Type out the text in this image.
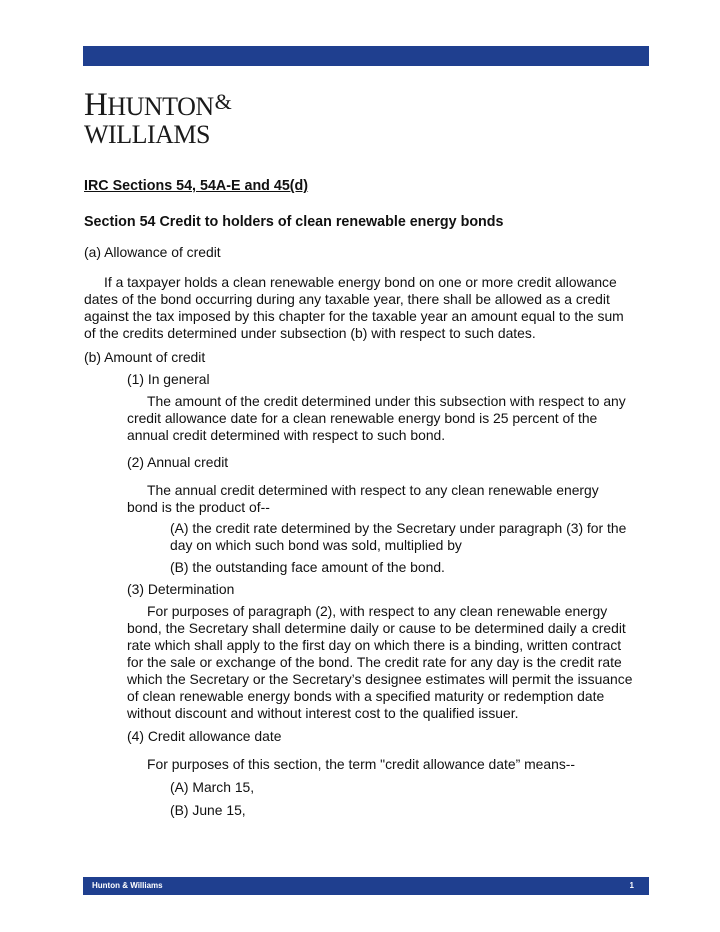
HHUNTON&
WILLIAMS
IRC Sections 54, 54A-E and 45(d)
Section 54 Credit to holders of clean renewable energy bonds

(a) Allowance of credit

If a taxpayer holds a clean renewable energy bond on one or more credit allowance dates of the bond occurring during any taxable year, there shall be allowed as a credit against the tax imposed by this chapter for the taxable year an amount equal to the sum of the credits determined under subsection (b) with respect to such dates.

(b) Amount of credit

(1) In general

The amount of the credit determined under this subsection with respect to any credit allowance date for a clean renewable energy bond is 25 percent of the annual credit determined with respect to such bond.

(2) Annual credit

The annual credit determined with respect to any clean renewable energy bond is the product of--

(A) the credit rate determined by the Secretary under paragraph (3) for the day on which such bond was sold, multiplied by

(B) the outstanding face amount of the bond.

(3) Determination

For purposes of paragraph (2), with respect to any clean renewable energy bond, the Secretary shall determine daily or cause to be determined daily a credit rate which shall apply to the first day on which there is a binding, written contract for the sale or exchange of the bond. The credit rate for any day is the credit rate which the Secretary or the Secretary’s designee estimates will permit the issuance of clean renewable energy bonds with a specified maturity or redemption date without discount and without interest cost to the qualified issuer.

(4) Credit allowance date

For purposes of this section, the term "credit allowance date” means--

(A) March 15,

(B) June 15,

Hunton & Williams	1
